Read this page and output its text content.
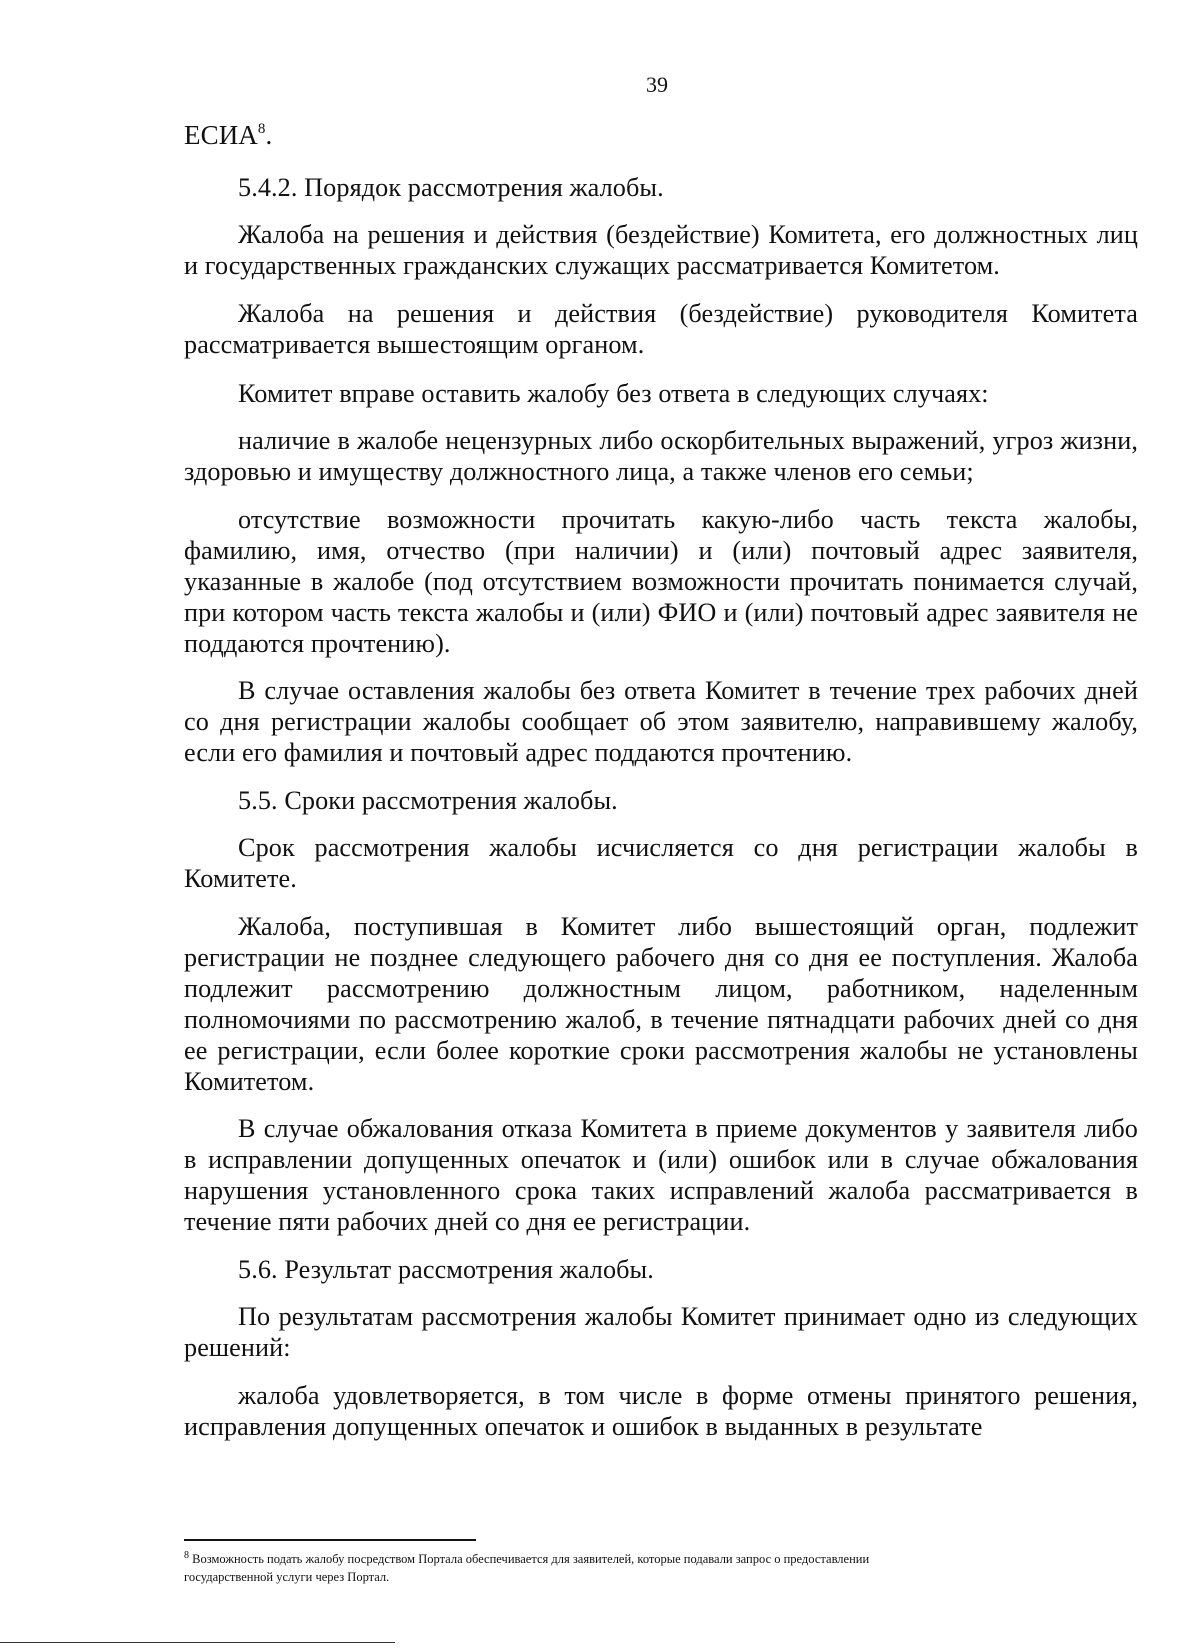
39
ЕСИА$^8$.
5.4.2. Порядок рассмотрения жалобы.
Жалоба на решения и действия (бездействие) Комитета, его должностных лиц и государственных гражданских служащих рассматривается Комитетом.
Жалоба на решения и действия (бездействие) руководителя Комитета рассматривается вышестоящим органом.
Комитет вправе оставить жалобу без ответа в следующих случаях:
наличие в жалобе нецензурных либо оскорбительных выражений, угроз жизни, здоровью и имуществу должностного лица, а также членов его семьи;
отсутствие возможности прочитать какую-либо часть текста жалобы, фамилию, имя, отчество (при наличии) и (или) почтовый адрес заявителя, указанные в жалобе (под отсутствием возможности прочитать понимается случай, при котором часть текста жалобы и (или) ФИО и (или) почтовый адрес заявителя не поддаются прочтению).
В случае оставления жалобы без ответа Комитет в течение трех рабочих дней со дня регистрации жалобы сообщает об этом заявителю, направившему жалобу, если его фамилия и почтовый адрес поддаются прочтению.
5.5. Сроки рассмотрения жалобы.
Срок рассмотрения жалобы исчисляется со дня регистрации жалобы в Комитете.
Жалоба, поступившая в Комитет либо вышестоящий орган, подлежит регистрации не позднее следующего рабочего дня со дня ее поступления. Жалоба подлежит рассмотрению должностным лицом, работником, наделенным полномочиями по рассмотрению жалоб, в течение пятнадцати рабочих дней со дня ее регистрации, если более короткие сроки рассмотрения жалобы не установлены Комитетом.
В случае обжалования отказа Комитета в приеме документов у заявителя либо в исправлении допущенных опечаток и (или) ошибок или в случае обжалования нарушения установленного срока таких исправлений жалоба рассматривается в течение пяти рабочих дней со дня ее регистрации.
5.6. Результат рассмотрения жалобы.
По результатам рассмотрения жалобы Комитет принимает одно из следующих решений:
жалоба удовлетворяется, в том числе в форме отмены принятого решения, исправления допущенных опечаток и ошибок в выданных в результате
$^8$ Возможность подать жалобу посредством Портала обеспечивается для заявителей, которые подавали запрос о предоставлении государственной услуги через Портал.
